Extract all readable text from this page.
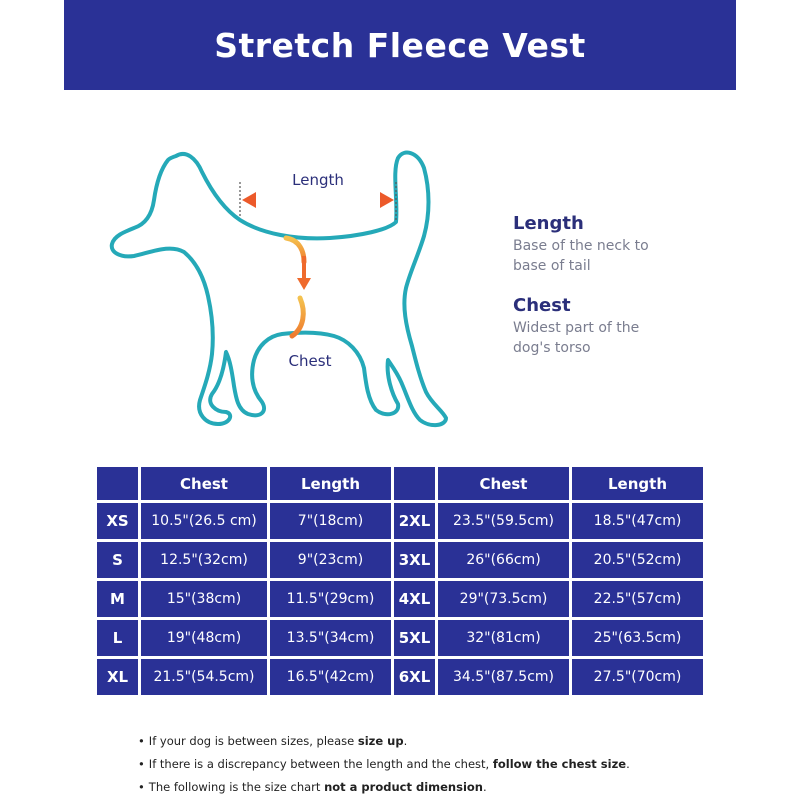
Stretch Fleece Vest
Length
Chest
Length
Base of the neck to
base of tail
Chest
Widest part of the
dog's torso
Chest	Length
XS	10.5"(26.5 cm)	7"(18cm)
S	12.5"(32cm)	9"(23cm)
M	15"(38cm)	11.5"(29cm)
L	19"(48cm)	13.5"(34cm)
XL	21.5"(54.5cm)	16.5"(42cm)
Chest	Length
2XL	23.5"(59.5cm)	18.5"(47cm)
3XL	26"(66cm)	20.5"(52cm)
4XL	29"(73.5cm)	22.5"(57cm)
5XL	32"(81cm)	25"(63.5cm)
6XL	34.5"(87.5cm)	27.5"(70cm)
• If your dog is between sizes, please size up.
• If there is a discrepancy between the length and the chest, follow the chest size.
• The following is the size chart not a product dimension.
